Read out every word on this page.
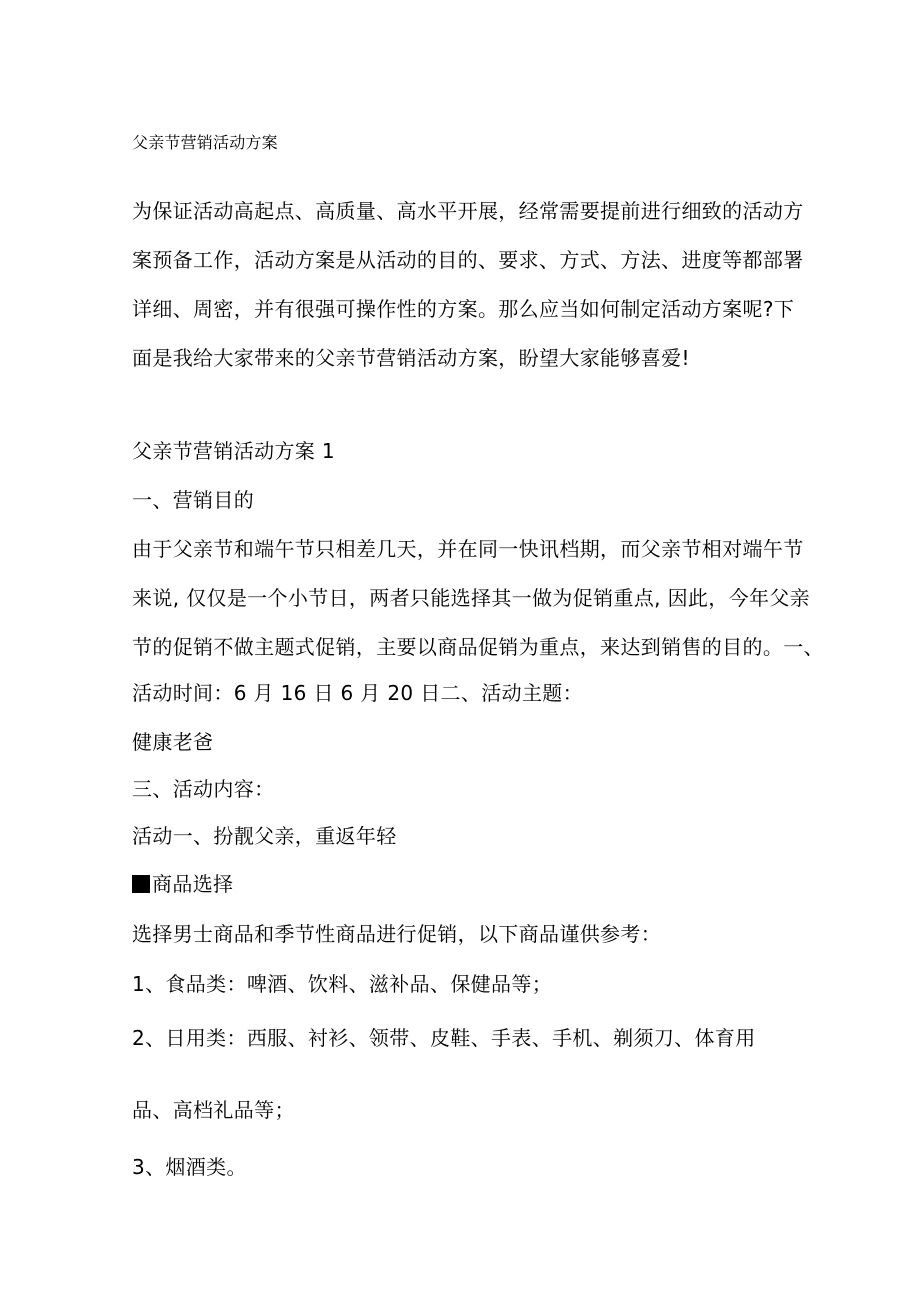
父亲节营销活动方案
为保证活动高起点、高质量、高水平开展，经常需要提前进行细致的活动方
案预备工作，活动方案是从活动的目的、要求、方式、方法、进度等都部署
详细、周密，并有很强可操作性的方案。那么应当如何制定活动方案呢?下
面是我给大家带来的父亲节营销活动方案，盼望大家能够喜爱!
父亲节营销活动方案 1
一、营销目的
由于父亲节和端午节只相差几天，并在同一快讯档期，而父亲节相对端午节
来说, 仅仅是一个小节日，两者只能选择其一做为促销重点, 因此，今年父亲
节的促销不做主题式促销，主要以商品促销为重点，来达到销售的目的。一、
活动时间：6 月 16 日 6 月 20 日二、活动主题：
健康老爸
三、活动内容：
活动一、扮靓父亲，重返年轻
商品选择
选择男士商品和季节性商品进行促销，以下商品谨供参考：
1、食品类：啤酒、饮料、滋补品、保健品等；
2、日用类：西服、衬衫、领带、皮鞋、手表、手机、剃须刀、体育用
品、高档礼品等；
3、烟酒类。
